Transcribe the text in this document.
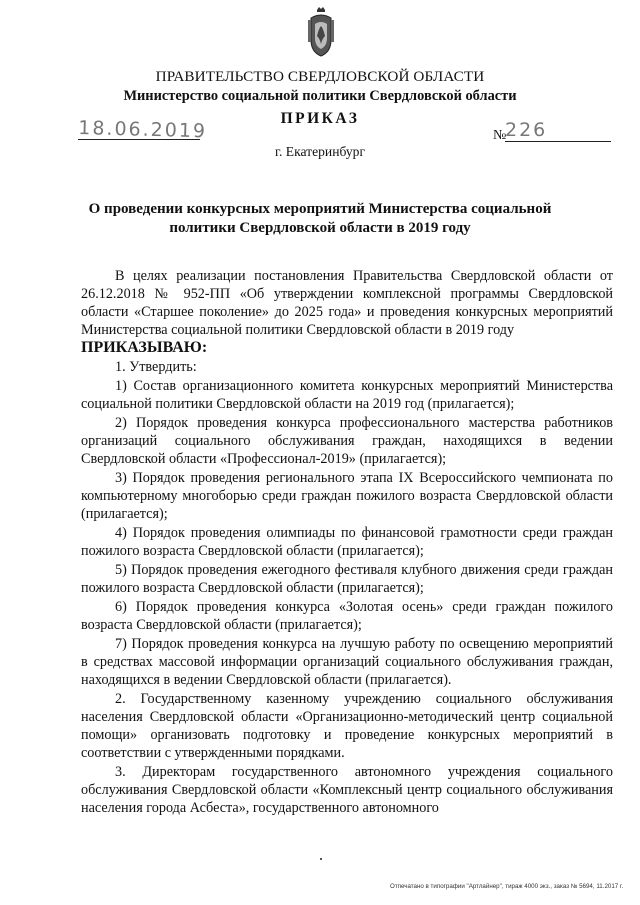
ПРАВИТЕЛЬСТВО СВЕРДЛОВСКОЙ ОБЛАСТИ
Министерство социальной политики Свердловской области
ПРИКАЗ
18.06.2019	№
226
г. Екатеринбург
О проведении конкурсных мероприятий Министерства социальной политики Свердловской области в 2019 году

В целях реализации постановления Правительства Свердловской области от 26.12.2018 № 952-ПП «Об утверждении комплексной программы Свердловской области «Старшее поколение» до 2025 года» и проведения конкурсных мероприятий Министерства социальной политики Свердловской области в 2019 году

ПРИКАЗЫВАЮ:

1. Утвердить:

1) Состав организационного комитета конкурсных мероприятий Министерства социальной политики Свердловской области на 2019 год (прилагается);

2) Порядок проведения конкурса профессионального мастерства работников организаций социального обслуживания граждан, находящихся в ведении Свердловской области «Профессионал-2019» (прилагается);

3) Порядок проведения регионального этапа IX Всероссийского чемпионата по компьютерному многоборью среди граждан пожилого возраста Свердловской области (прилагается);

4) Порядок проведения олимпиады по финансовой грамотности среди граждан пожилого возраста Свердловской области (прилагается);

5) Порядок проведения ежегодного фестиваля клубного движения среди граждан пожилого возраста Свердловской области (прилагается);

6) Порядок проведения конкурса «Золотая осень» среди граждан пожилого возраста Свердловской области (прилагается);

7) Порядок проведения конкурса на лучшую работу по освещению мероприятий в средствах массовой информации организаций социального обслуживания граждан, находящихся в ведении Свердловской области (прилагается).

2. Государственному казенному учреждению социального обслуживания населения Свердловской области «Организационно-методический центр социальной помощи» организовать подготовку и проведение конкурсных мероприятий в соответствии с утвержденными порядками.

3. Директорам государственного автономного учреждения социального обслуживания Свердловской области «Комплексный центр социального обслуживания населения города Асбеста», государственного автономного

Отпечатано в типографии "Артлайнер", тираж 4000 экз., заказ № 5694, 11.2017 г.
